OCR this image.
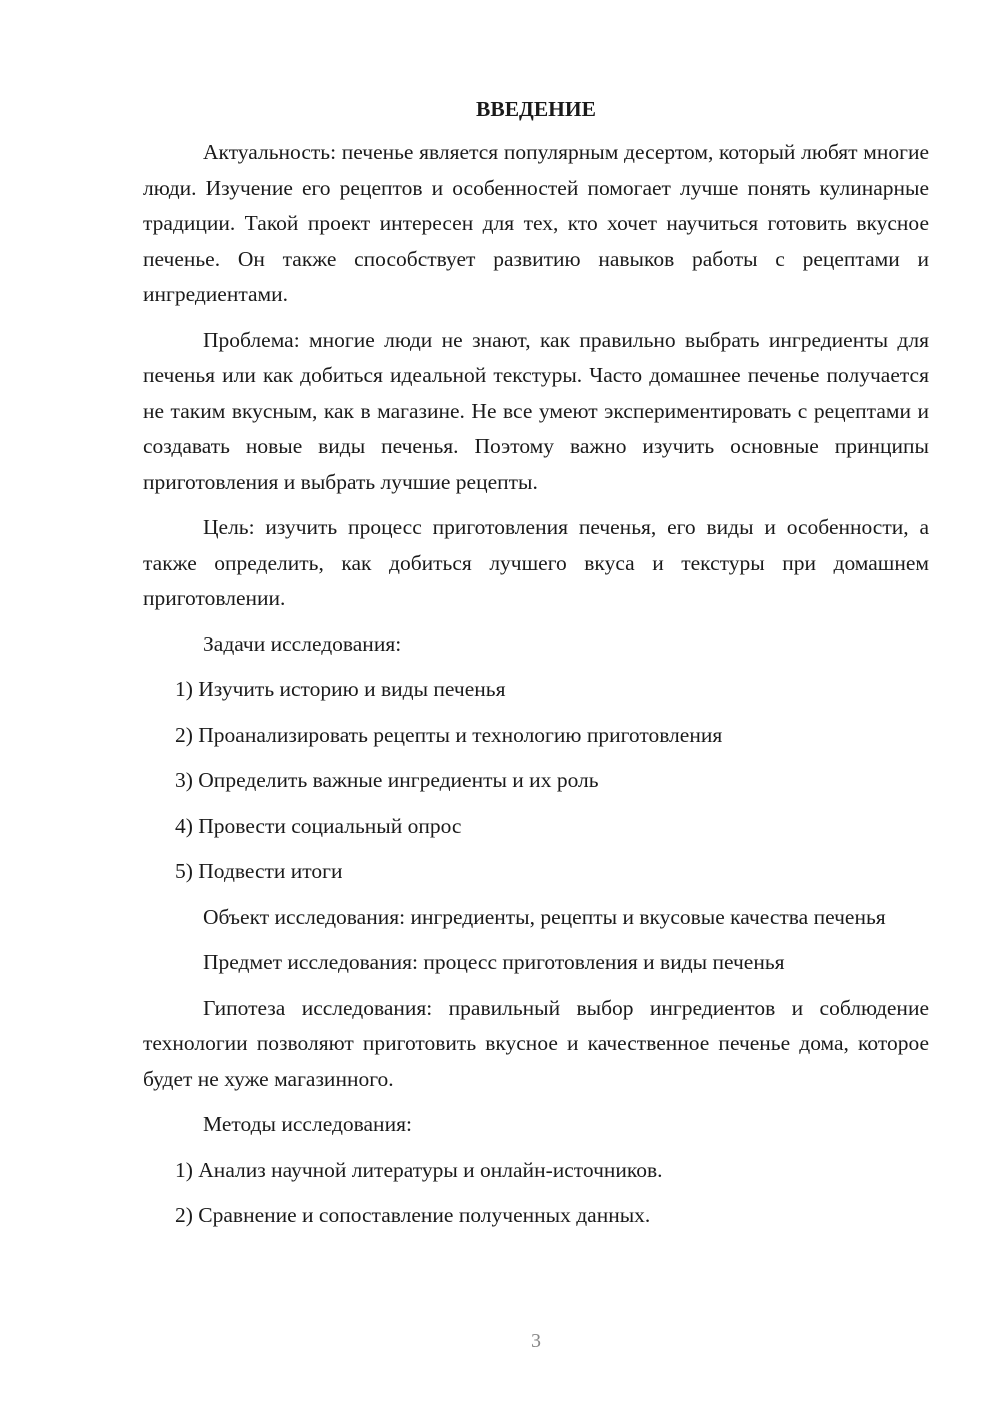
ВВЕДЕНИЕ

Актуальность: печенье является популярным десертом, который любят многие люди. Изучение его рецептов и особенностей помогает лучше понять кулинарные традиции. Такой проект интересен для тех, кто хочет научиться готовить вкусное печенье. Он также способствует развитию навыков работы с рецептами и ингредиентами.

Проблема: многие люди не знают, как правильно выбрать ингредиенты для печенья или как добиться идеальной текстуры. Часто домашнее печенье получается не таким вкусным, как в магазине. Не все умеют экспериментировать с рецептами и создавать новые виды печенья. Поэтому важно изучить основные принципы приготовления и выбрать лучшие рецепты.

Цель: изучить процесс приготовления печенья, его виды и особенности, а также определить, как добиться лучшего вкуса и текстуры при домашнем приготовлении.

Задачи исследования:

1) Изучить историю и виды печенья
2) Проанализировать рецепты и технологию приготовления
3) Определить важные ингредиенты и их роль
4) Провести социальный опрос
5) Подвести итоги

Объект исследования: ингредиенты, рецепты и вкусовые качества печенья

Предмет исследования: процесс приготовления и виды печенья

Гипотеза исследования: правильный выбор ингредиентов и соблюдение технологии позволяют приготовить вкусное и качественное печенье дома, которое будет не хуже магазинного.

Методы исследования:

1) Анализ научной литературы и онлайн-источников.
2) Сравнение и сопоставление полученных данных.
3
